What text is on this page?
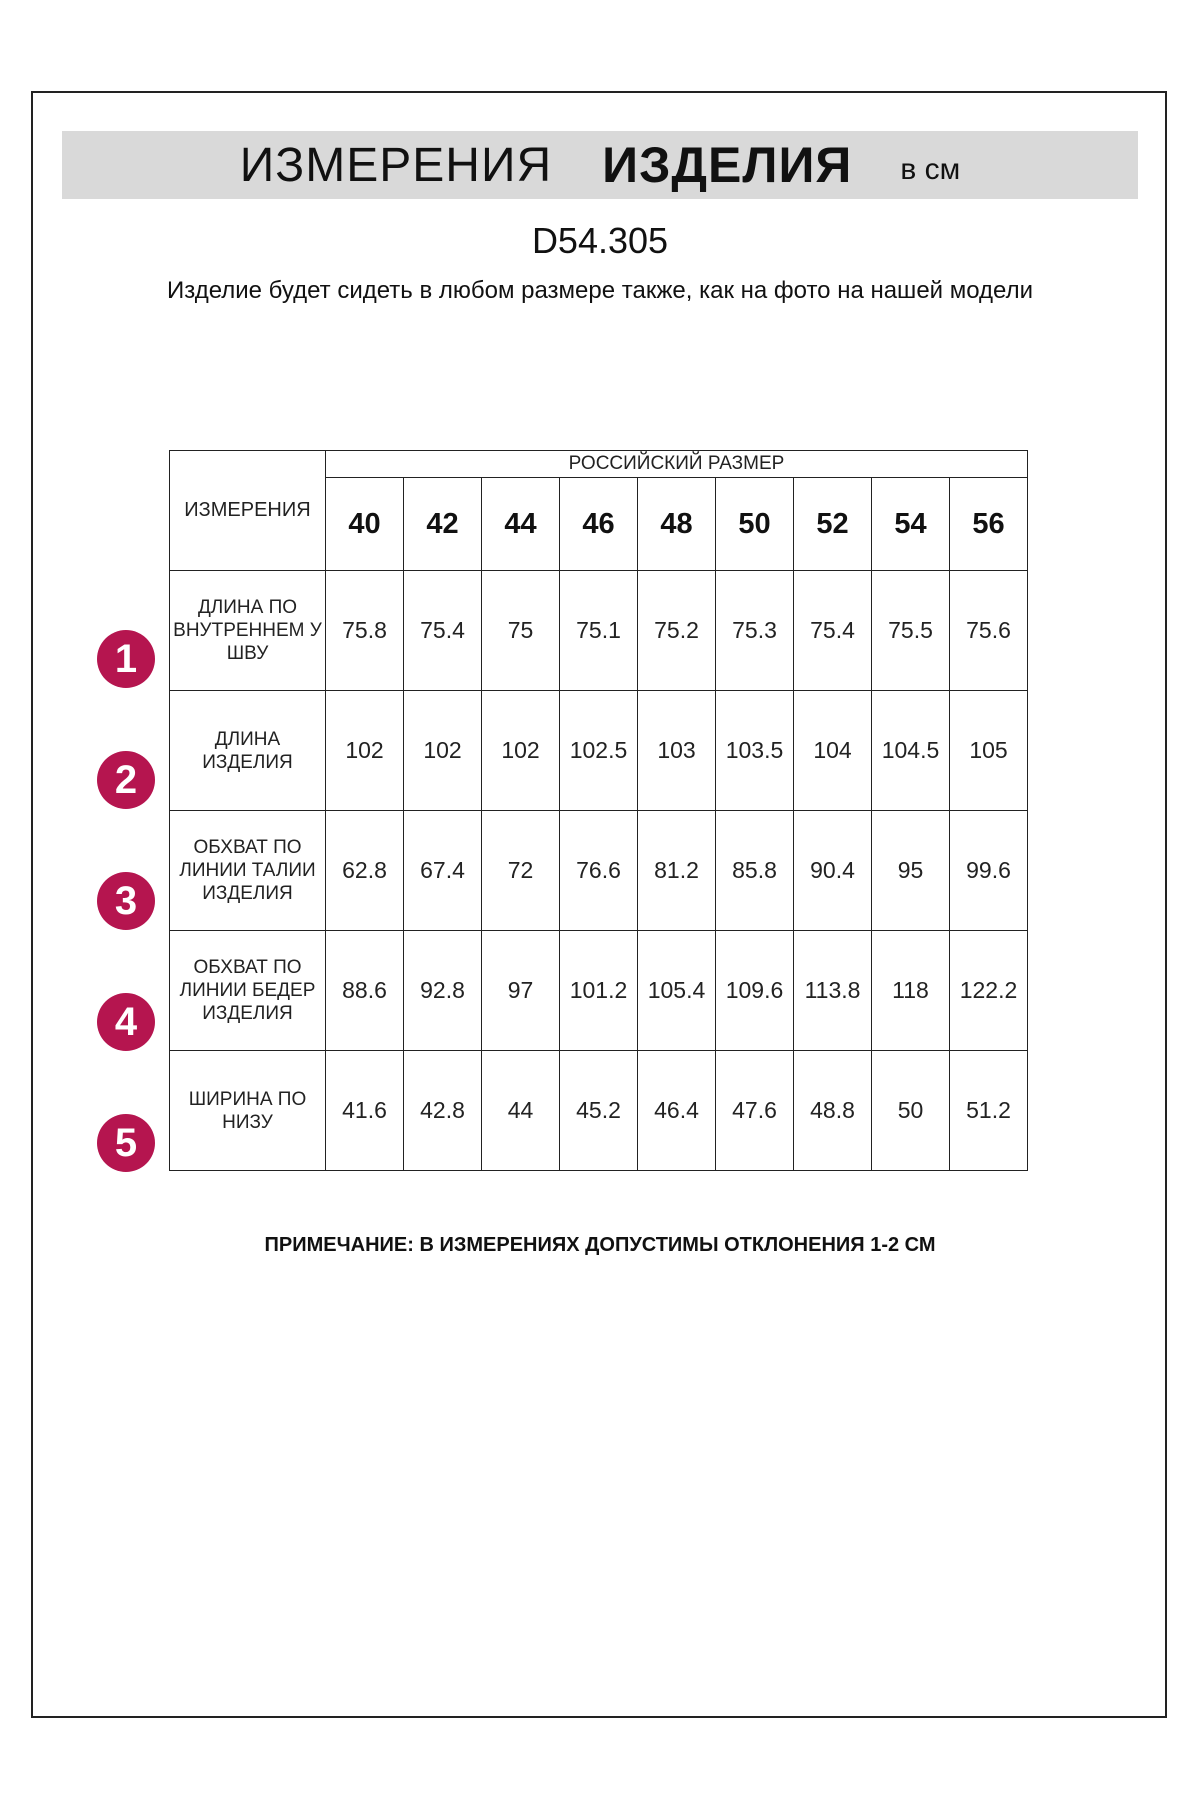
ИЗМЕРЕНИЯ ИЗДЕЛИЯ в см
D54.305
Изделие будет сидеть в любом размере также, как на фото на нашей модели
ИЗМЕРЕНИЯ	РОССИЙСКИЙ РАЗМЕР								
	40	42	44	46	48	50	52	54	56
ДЛИНА ПО ВНУТРЕННЕМ У ШВУ	75.8	75.4	75	75.1	75.2	75.3	75.4	75.5	75.6
ДЛИНА ИЗДЕЛИЯ	102	102	102	102.5	103	103.5	104	104.5	105
ОБХВАТ ПО ЛИНИИ ТАЛИИ ИЗДЕЛИЯ	62.8	67.4	72	76.6	81.2	85.8	90.4	95	99.6
ОБХВАТ ПО ЛИНИИ БЕДЕР ИЗДЕЛИЯ	88.6	92.8	97	101.2	105.4	109.6	113.8	118	122.2
ШИРИНА ПО НИЗУ	41.6	42.8	44	45.2	46.4	47.6	48.8	50	51.2
1
2
3
4
5
ПРИМЕЧАНИЕ: В ИЗМЕРЕНИЯХ ДОПУСТИМЫ ОТКЛОНЕНИЯ 1-2 СМ
